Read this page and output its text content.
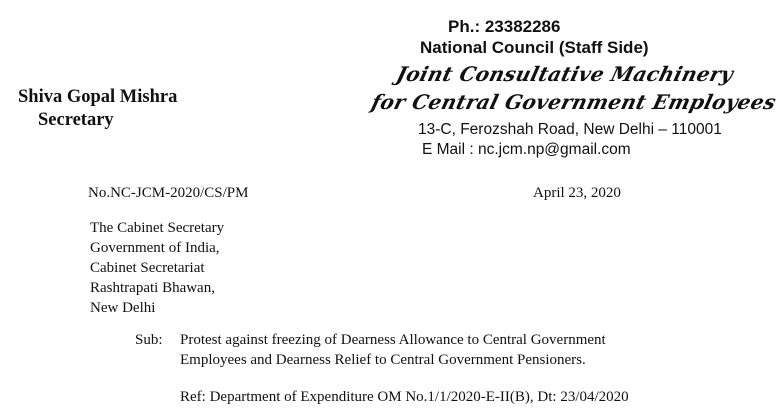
Shiva Gopal Mishra
Secretary
Ph.: 23382286
National Council (Staff Side)
Joint Consultative Machinery
for Central Government Employees
13-C, Ferozshah Road, New Delhi – 110001
E Mail : nc.jcm.np@gmail.com
No.NC-JCM-2020/CS/PM	April 23, 2020
The Cabinet Secretary
Government of India,
Cabinet Secretariat
Rashtrapati Bhawan,
New Delhi
Sub: Protest against freezing of Dearness Allowance to Central Government
Employees and Dearness Relief to Central Government Pensioners.
Ref: Department of Expenditure OM No.1/1/2020-E-II(B), Dt: 23/04/2020
